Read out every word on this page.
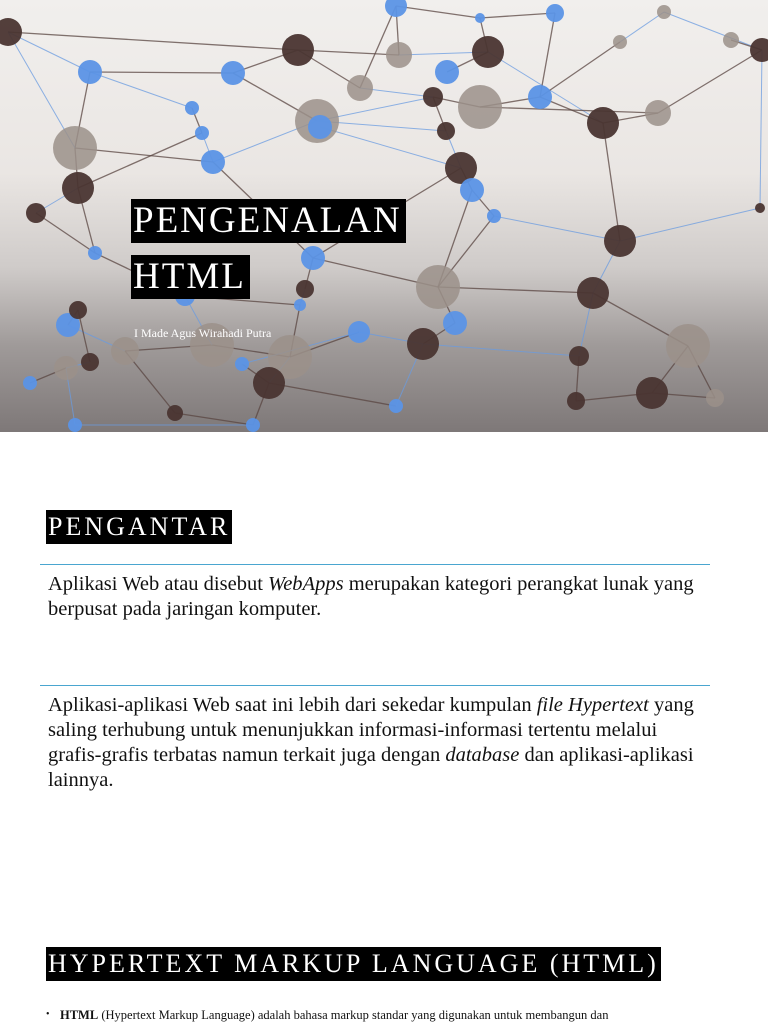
PENGENALAN
HTML
I Made Agus Wirahadi Putra
PENGANTAR
Aplikasi Web atau disebut WebApps merupakan kategori perangkat lunak yang berpusat pada jaringan komputer.
Aplikasi-aplikasi Web saat ini lebih dari sekedar kumpulan file Hypertext yang saling terhubung untuk menunjukkan informasi-informasi tertentu melalui grafis-grafis terbatas namun terkait juga dengan database dan aplikasi-aplikasi lainnya.
HYPERTEXT MARKUP LANGUAGE (HTML)
• HTML (Hypertext Markup Language) adalah bahasa markup standar yang digunakan untuk membangun dan
